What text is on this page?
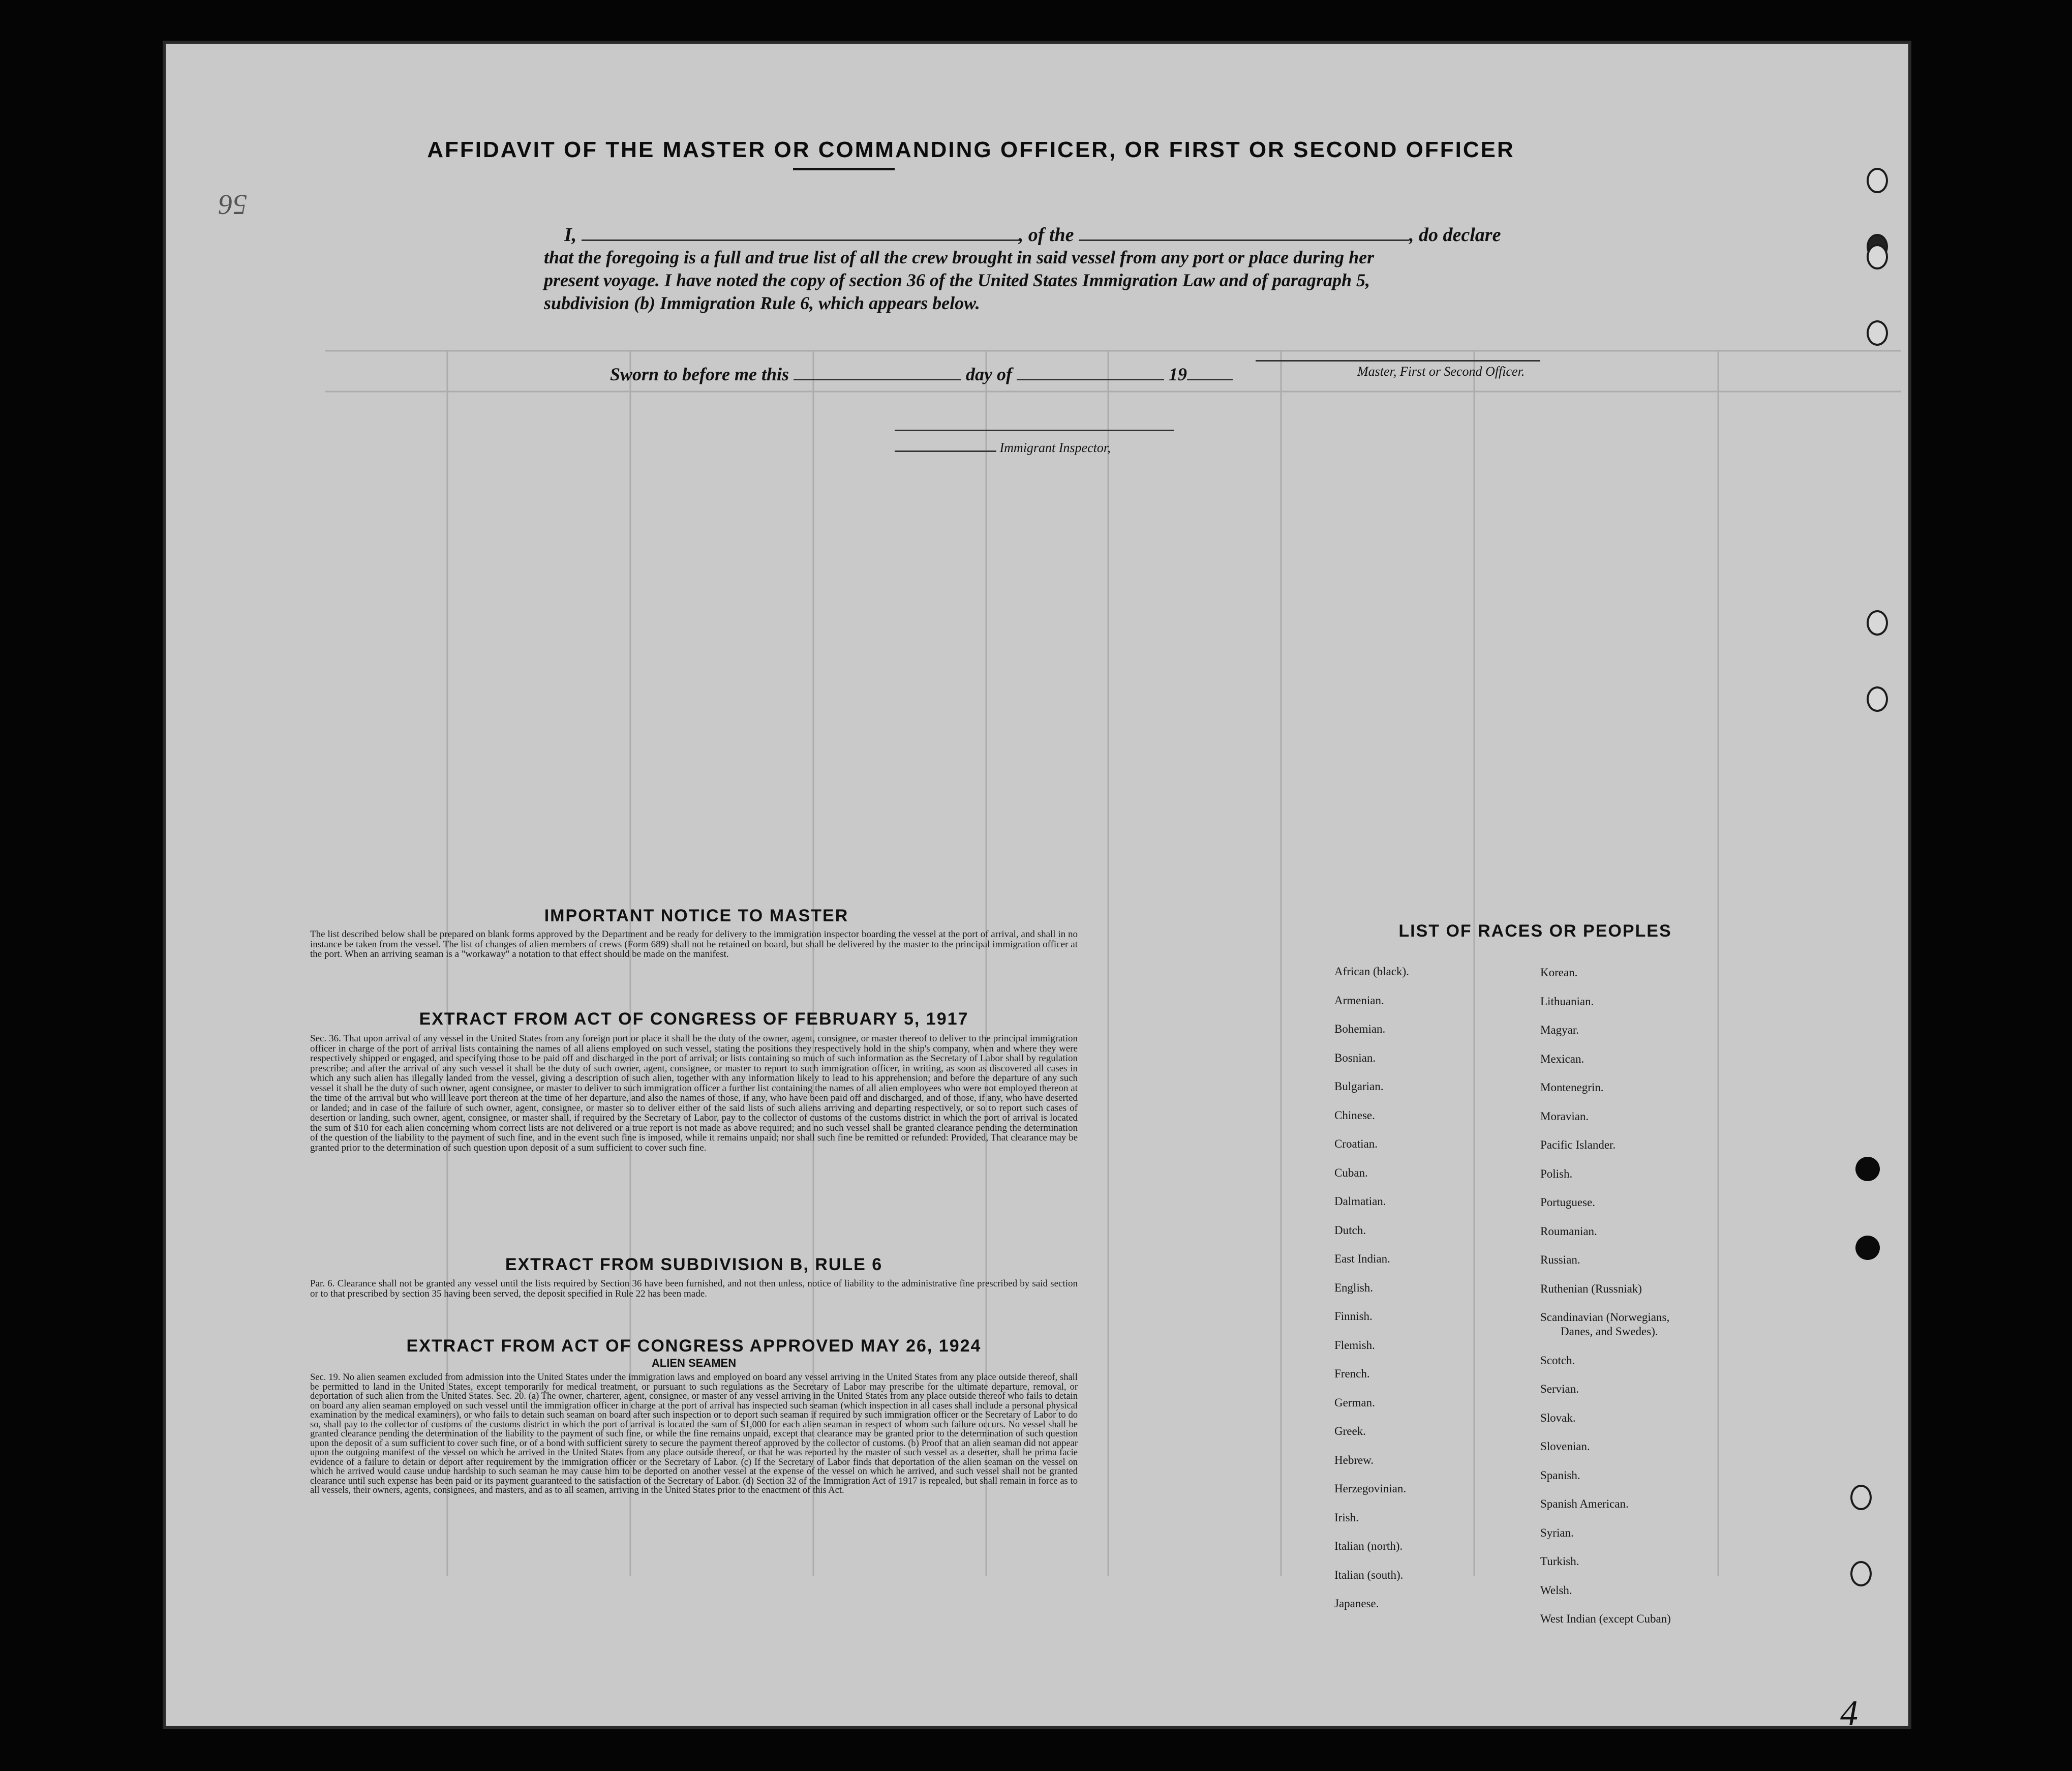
56
AFFIDAVIT OF THE MASTER OR COMMANDING OFFICER, OR FIRST OR SECOND OFFICER
I,	, of the	, do declare
that the foregoing is a full and true list of all the crew brought in said vessel from any port or place during her
present voyage. I have noted the copy of section 36 of the United States Immigration Law and of paragraph 5,
subdivision (b) Immigration Rule 6, which appears below.
Master, First or Second Officer.
Sworn to before me this	day of	19
Immigrant Inspector,
IMPORTANT NOTICE TO MASTER
The list described below shall be prepared on blank forms approved by the Department and be ready for delivery to the immigration inspector boarding the vessel at the port of arrival, and shall in no instance be taken from the vessel. The list of changes of alien members of crews (Form 689) shall not be retained on board, but shall be delivered by the master to the principal immigration officer at the port. When an arriving seaman is a "workaway" a notation to that effect should be made on the manifest.
EXTRACT FROM ACT OF CONGRESS OF FEBRUARY 5, 1917
Sec. 36. That upon arrival of any vessel in the United States from any foreign port or place it shall be the duty of the owner, agent, consignee, or master thereof to deliver to the principal immigration officer in charge of the port of arrival lists containing the names of all aliens employed on such vessel, stating the positions they respectively hold in the ship's company, when and where they were respectively shipped or engaged, and specifying those to be paid off and discharged in the port of arrival; or lists containing so much of such information as the Secretary of Labor shall by regulation prescribe; and after the arrival of any such vessel it shall be the duty of such owner, agent, consignee, or master to report to such immigration officer, in writing, as soon as discovered all cases in which any such alien has illegally landed from the vessel, giving a description of such alien, together with any information likely to lead to his apprehension; and before the departure of any such vessel it shall be the duty of such owner, agent consignee, or master to deliver to such immigration officer a further list containing the names of all alien employees who were not employed thereon at the time of the arrival but who will leave port thereon at the time of her departure, and also the names of those, if any, who have been paid off and discharged, and of those, if any, who have deserted or landed; and in case of the failure of such owner, agent, consignee, or master so to deliver either of the said lists of such aliens arriving and departing respectively, or so to report such cases of desertion or landing, such owner, agent, consignee, or master shall, if required by the Secretary of Labor, pay to the collector of customs of the customs district in which the port of arrival is located the sum of $10 for each alien concerning whom correct lists are not delivered or a true report is not made as above required; and no such vessel shall be granted clearance pending the determination of the question of the liability to the payment of such fine, and in the event such fine is imposed, while it remains unpaid; nor shall such fine be remitted or refunded: Provided, That clearance may be granted prior to the determination of such question upon deposit of a sum sufficient to cover such fine.
EXTRACT FROM SUBDIVISION B, RULE 6
Par. 6. Clearance shall not be granted any vessel until the lists required by Section 36 have been furnished, and not then unless, notice of liability to the administrative fine prescribed by said section or to that prescribed by section 35 having been served, the deposit specified in Rule 22 has been made.
EXTRACT FROM ACT OF CONGRESS APPROVED MAY 26, 1924
ALIEN SEAMEN
Sec. 19. No alien seamen excluded from admission into the United States under the immigration laws and employed on board any vessel arriving in the United States from any place outside thereof, shall be permitted to land in the United States, except temporarily for medical treatment, or pursuant to such regulations as the Secretary of Labor may prescribe for the ultimate departure, removal, or deportation of such alien from the United States. Sec. 20. (a) The owner, charterer, agent, consignee, or master of any vessel arriving in the United States from any place outside thereof who fails to detain on board any alien seaman employed on such vessel until the immigration officer in charge at the port of arrival has inspected such seaman (which inspection in all cases shall include a personal physical examination by the medical examiners), or who fails to detain such seaman on board after such inspection or to deport such seaman if required by such immigration officer or the Secretary of Labor to do so, shall pay to the collector of customs of the customs district in which the port of arrival is located the sum of $1,000 for each alien seaman in respect of whom such failure occurs. No vessel shall be granted clearance pending the determination of the liability to the payment of such fine, or while the fine remains unpaid, except that clearance may be granted prior to the determination of such question upon the deposit of a sum sufficient to cover such fine, or of a bond with sufficient surety to secure the payment thereof approved by the collector of customs. (b) Proof that an alien seaman did not appear upon the outgoing manifest of the vessel on which he arrived in the United States from any place outside thereof, or that he was reported by the master of such vessel as a deserter, shall be prima facie evidence of a failure to detain or deport after requirement by the immigration officer or the Secretary of Labor. (c) If the Secretary of Labor finds that deportation of the alien seaman on the vessel on which he arrived would cause undue hardship to such seaman he may cause him to be deported on another vessel at the expense of the vessel on which he arrived, and such vessel shall not be granted clearance until such expense has been paid or its payment guaranteed to the satisfaction of the Secretary of Labor. (d) Section 32 of the Immigration Act of 1917 is repealed, but shall remain in force as to all vessels, their owners, agents, consignees, and masters, and as to all seamen, arriving in the United States prior to the enactment of this Act.
LIST OF RACES OR PEOPLES
African (black).
Armenian.
Bohemian.
Bosnian.
Bulgarian.
Chinese.
Croatian.
Cuban.
Dalmatian.
Dutch.
East Indian.
English.
Finnish.
Flemish.
French.
German.
Greek.
Hebrew.
Herzegovinian.
Irish.
Italian (north).
Italian (south).
Japanese.
Korean.
Lithuanian.
Magyar.
Mexican.
Montenegrin.
Moravian.
Pacific Islander.
Polish.
Portuguese.
Roumanian.
Russian.
Ruthenian (Russniak)
Scandinavian (Norwegians,
Danes, and Swedes).
Scotch.
Servian.
Slovak.
Slovenian.
Spanish.
Spanish American.
Syrian.
Turkish.
Welsh.
West Indian (except Cuban)
4
